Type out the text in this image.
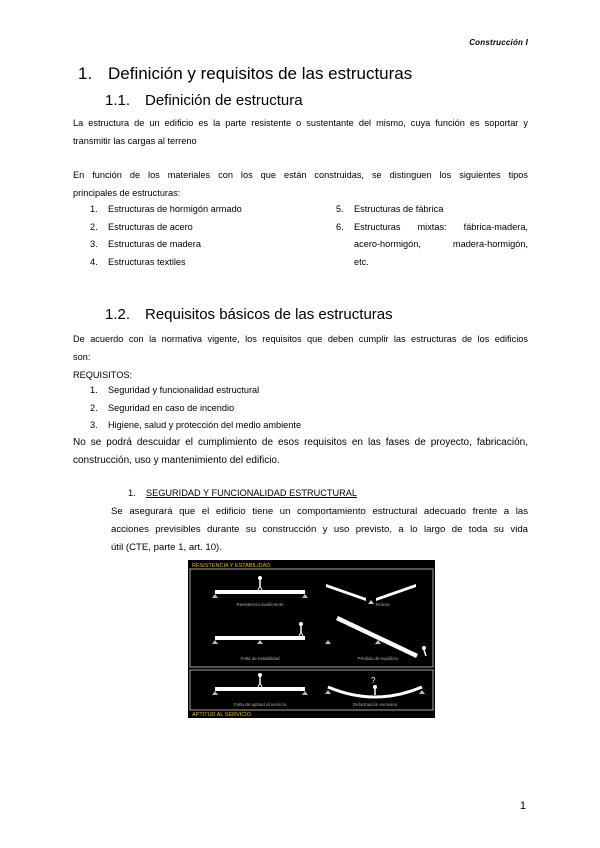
Construcción I
1. Definición y requisitos de las estructuras
1.1. Definición de estructura
La estructura de un edificio es la parte resistente o sustentante del mismo, cuya función es soportar y
transmitir las cargas al terreno
En función de los materiales con los que están construidas, se distinguen los siguientes tipos
principales de estructuras:
1.	Estructuras de hormigón armado
2.	Estructuras de acero
3.	Estructuras de madera
4.	Estructuras textiles
5.	Estructuras de fábrica
6.	Estructuras mixtas: fábrica-madera,
acero-hormigón, madera-hormigón,
etc.
1.2. Requisitos básicos de las estructuras
De acuerdo con la normativa vigente, los requisitos que deben cumplir las estructuras de los edificios
son:
REQUISITOS:
1.	Seguridad y funcionalidad estructural
2.	Seguridad en caso de incendio
3.	Higiene, salud y protección del medio ambiente
No se podrá descuidar el cumplimiento de esos requisitos en las fases de proyecto, fabricación,
construcción, uso y mantenimiento del edificio.
1. SEGURIDAD Y FUNCIONALIDAD ESTRUCTURAL
Se asegurará que el edificio tiene un comportamiento estructural adecuado frente a las
acciones previsibles durante su construcción y uso previsto, a lo largo de toda su vida
útil (CTE, parte 1, art. 10).
RESISTENCIA Y ESTABILIDAD
Resistencia insuficiente	Rotura
Falta de estabilidad	Pérdida de equilibrio
Falta de aptitud al servicio
?
Deformación excesiva
APTITUD AL SERVICIO
1
